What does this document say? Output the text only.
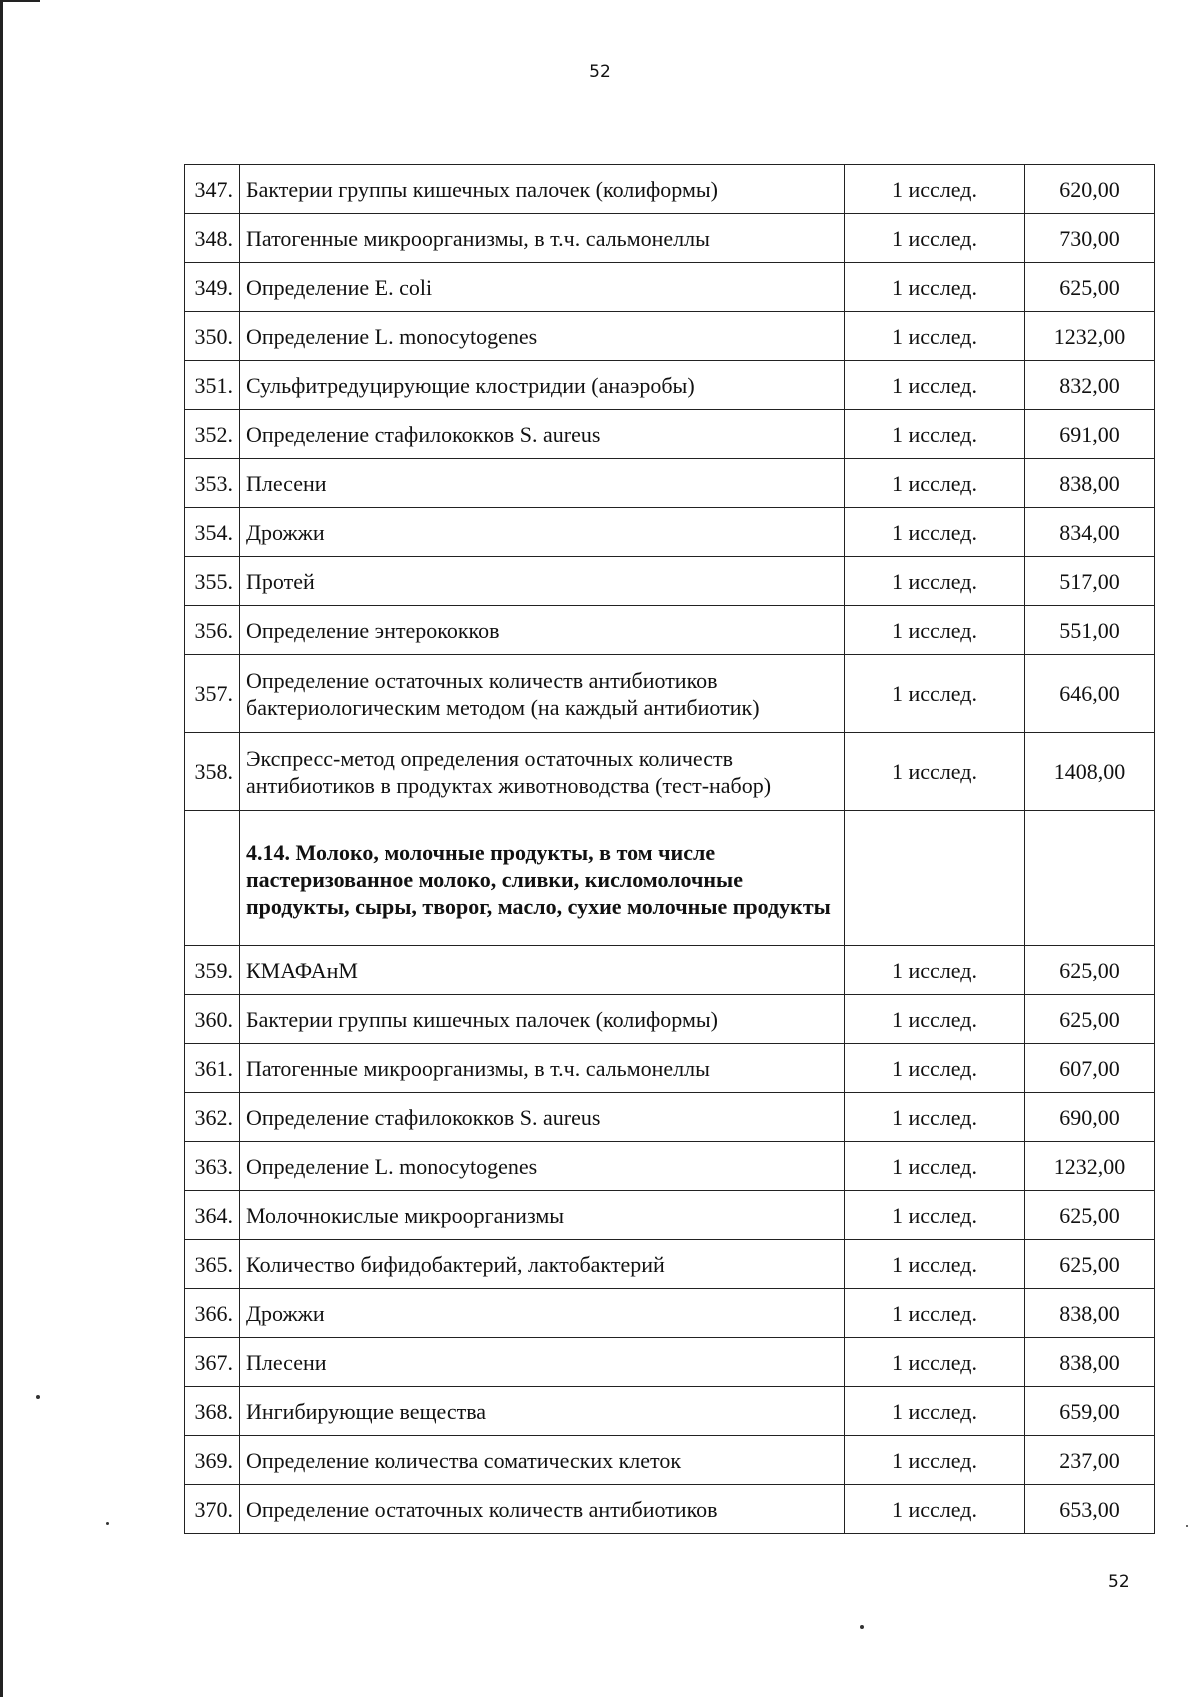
52
347.	Бактерии группы кишечных палочек (колиформы)	1 исслед.	620,00
348.	Патогенные микроорганизмы, в т.ч. сальмонеллы	1 исслед.	730,00
349.	Определение E. coli	1 исслед.	625,00
350.	Определение L. monocytogenes	1 исслед.	1232,00
351.	Сульфитредуцирующие клостридии (анаэробы)	1 исслед.	832,00
352.	Определение стафилококков S. aureus	1 исслед.	691,00
353.	Плесени	1 исслед.	838,00
354.	Дрожжи	1 исслед.	834,00
355.	Протей	1 исслед.	517,00
356.	Определение энтерококков	1 исслед.	551,00
357.	Определение остаточных количеств антибиотиков бактериологическим методом (на каждый антибиотик)	1 исслед.	646,00
358.	Экспресс-метод определения остаточных количеств антибиотиков в продуктах животноводства (тест-набор)	1 исслед.	1408,00
	4.14. Молоко, молочные продукты, в том числе пастеризованное молоко, сливки, кисломолочные продукты, сыры, творог, масло, сухие молочные продукты		
359.	КМАФАнМ	1 исслед.	625,00
360.	Бактерии группы кишечных палочек (колиформы)	1 исслед.	625,00
361.	Патогенные микроорганизмы, в т.ч. сальмонеллы	1 исслед.	607,00
362.	Определение стафилококков S. aureus	1 исслед.	690,00
363.	Определение L. monocytogenes	1 исслед.	1232,00
364.	Молочнокислые микроорганизмы	1 исслед.	625,00
365.	Количество бифидобактерий, лактобактерий	1 исслед.	625,00
366.	Дрожжи	1 исслед.	838,00
367.	Плесени	1 исслед.	838,00
368.	Ингибирующие вещества	1 исслед.	659,00
369.	Определение количества соматических клеток	1 исслед.	237,00
370.	Определение остаточных количеств антибиотиков	1 исслед.	653,00
52
